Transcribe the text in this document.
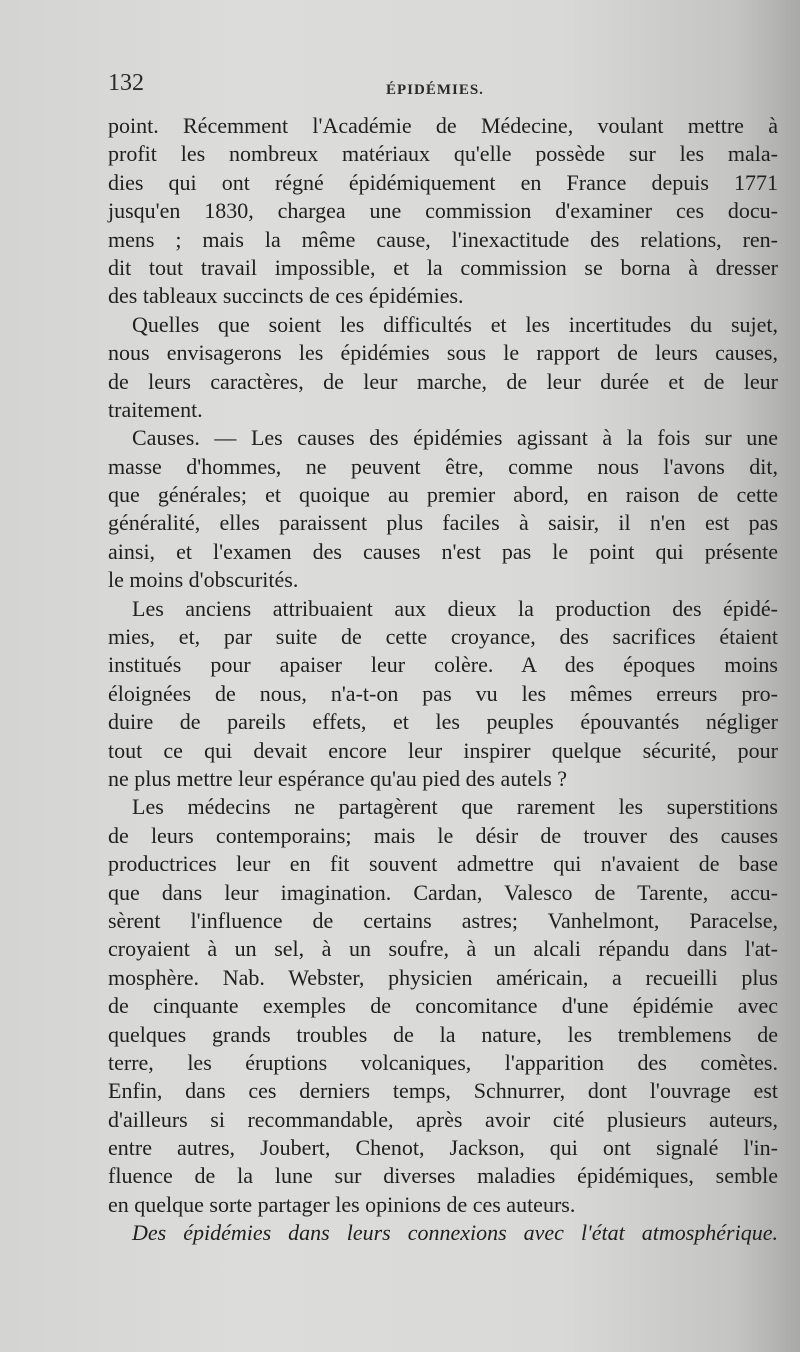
132	ÉPIDÉMIES.
point. Récemment l'Académie de Médecine, voulant mettre à
profit les nombreux matériaux qu'elle possède sur les mala-
dies qui ont régné épidémiquement en France depuis 1771
jusqu'en 1830, chargea une commission d'examiner ces docu-
mens ; mais la même cause, l'inexactitude des relations, ren-
dit tout travail impossible, et la commission se borna à dresser
des tableaux succincts de ces épidémies.
Quelles que soient les difficultés et les incertitudes du sujet,
nous envisagerons les épidémies sous le rapport de leurs causes,
de leurs caractères, de leur marche, de leur durée et de leur
traitement.
Causes. — Les causes des épidémies agissant à la fois sur une
masse d'hommes, ne peuvent être, comme nous l'avons dit,
que générales; et quoique au premier abord, en raison de cette
généralité, elles paraissent plus faciles à saisir, il n'en est pas
ainsi, et l'examen des causes n'est pas le point qui présente
le moins d'obscurités.
Les anciens attribuaient aux dieux la production des épidé-
mies, et, par suite de cette croyance, des sacrifices étaient
institués pour apaiser leur colère. A des époques moins
éloignées de nous, n'a-t-on pas vu les mêmes erreurs pro-
duire de pareils effets, et les peuples épouvantés négliger
tout ce qui devait encore leur inspirer quelque sécurité, pour
ne plus mettre leur espérance qu'au pied des autels ?
Les médecins ne partagèrent que rarement les superstitions
de leurs contemporains; mais le désir de trouver des causes
productrices leur en fit souvent admettre qui n'avaient de base
que dans leur imagination. Cardan, Valesco de Tarente, accu-
sèrent l'influence de certains astres; Vanhelmont, Paracelse,
croyaient à un sel, à un soufre, à un alcali répandu dans l'at-
mosphère. Nab. Webster, physicien américain, a recueilli plus
de cinquante exemples de concomitance d'une épidémie avec
quelques grands troubles de la nature, les tremblemens de
terre, les éruptions volcaniques, l'apparition des comètes.
Enfin, dans ces derniers temps, Schnurrer, dont l'ouvrage est
d'ailleurs si recommandable, après avoir cité plusieurs auteurs,
entre autres, Joubert, Chenot, Jackson, qui ont signalé l'in-
fluence de la lune sur diverses maladies épidémiques, semble
en quelque sorte partager les opinions de ces auteurs.
Des épidémies dans leurs connexions avec l'état atmosphérique.
